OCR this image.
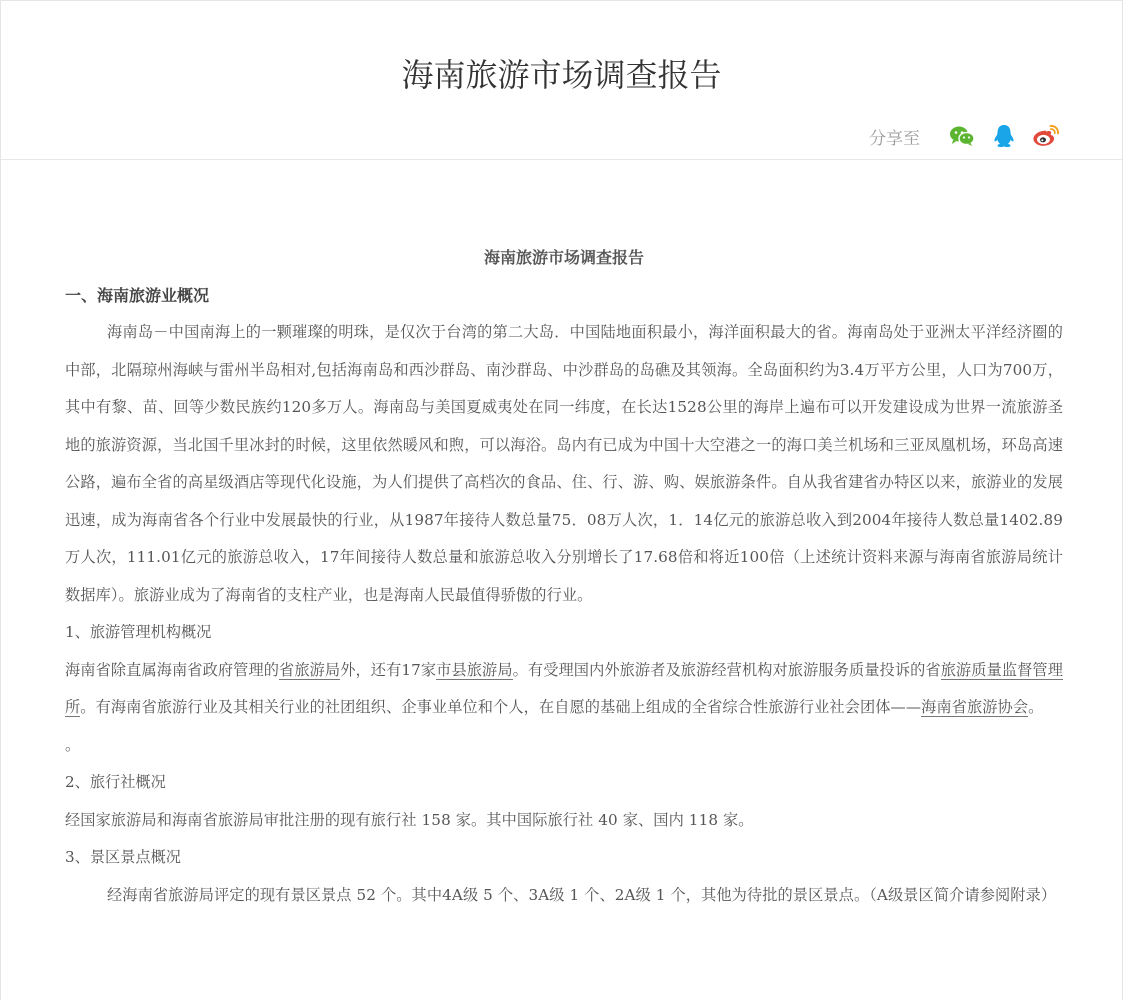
海南旅游市场调查报告
分享至

海南旅游市场调查报告

一、海南旅游业概况

海南岛－中国南海上的一颗璀璨的明珠，是仅次于台湾的第二大岛．中国陆地面积最小，海洋面积最大的省。海南岛处于亚洲太平洋经济圈的中部，北隔琼州海峡与雷州半岛相对,包括海南岛和西沙群岛、南沙群岛、中沙群岛的岛礁及其领海。全岛面积约为3.4万平方公里，人口为700万，其中有黎、苗、回等少数民族约120多万人。海南岛与美国夏威夷处在同一纬度，在长达1528公里的海岸上遍布可以开发建设成为世界一流旅游圣地的旅游资源，当北国千里冰封的时候，这里依然暖风和煦，可以海浴。岛内有已成为中国十大空港之一的海口美兰机场和三亚凤凰机场，环岛高速公路，遍布全省的高星级酒店等现代化设施，为人们提供了高档次的食品、住、行、游、购、娱旅游条件。自从我省建省办特区以来，旅游业的发展迅速，成为海南省各个行业中发展最快的行业，从1987年接待人数总量75．08万人次，1．14亿元的旅游总收入到2004年接待人数总量1402.89万人次，111.01亿元的旅游总收入，17年间接待人数总量和旅游总收入分别增长了17.68倍和将近100倍（上述统计资料来源与海南省旅游局统计数据库）。旅游业成为了海南省的支柱产业，也是海南人民最值得骄傲的行业。

1、旅游管理机构概况

海南省除直属海南省政府管理的省旅游局外，还有17家市县旅游局。有受理国内外旅游者及旅游经营机构对旅游服务质量投诉的省旅游质量监督管理所。有海南省旅游行业及其相关行业的社团组织、企事业单位和个人，在自愿的基础上组成的全省综合性旅游行业社会团体——海南省旅游协会。

。

2、旅行社概况

经国家旅游局和海南省旅游局审批注册的现有旅行社 158 家。其中国际旅行社 40 家、国内 118 家。

3、景区景点概况

经海南省旅游局评定的现有景区景点 52 个。其中4A级 5 个、3A级 1 个、2A级 1 个，其他为待批的景区景点。（A级景区简介请参阅附录）
